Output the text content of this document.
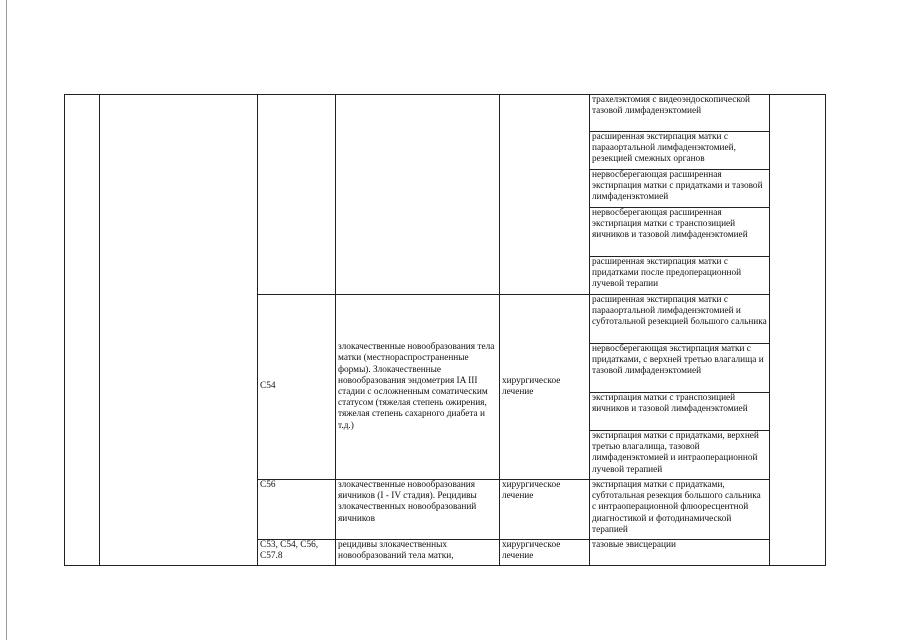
					трахелэктомия с видеоэндоскопической тазовой лимфаденэктомией	
					расширенная экстирпация матки с парааортальной лимфаденэктомией, резекцией смежных органов	
					нервосберегающая расширенная экстирпация матки с придатками и тазовой лимфаденэктомией	
					нервосберегающая расширенная экстирпация матки с транспозицией яичников и тазовой лимфаденэктомией	
					расширенная экстирпация матки с придатками после предоперационной лучевой терапии	
		C54	злокачественные новообразования тела матки (местнораспространенные формы). Злокачественные новообразования эндометрия IA III стадии с осложненным соматическим статусом (тяжелая степень ожирения, тяжелая степень сахарного диабета и т.д.)	хирургическое лечение	расширенная экстирпация матки с парааортальной лимфаденэктомией и субтотальной резекцией большого сальника	
					нервосберегающая экстирпация матки с придатками, с верхней третью влагалища и тазовой лимфаденэктомией	
					экстирпация матки с транспозицией яичников и тазовой лимфаденэктомией	
					экстирпация матки с придатками, верхней третью влагалища, тазовой лимфаденэктомией и интраоперационной лучевой терапией	
		C56	злокачественные новообразования яичников (I - IV стадия). Рецидивы злокачественных новообразований яичников	хирургическое лечение	экстирпация матки с придатками, субтотальная резекция большого сальника с интраоперационной флюоресцентной диагностикой и фотодинамической терапией	
		C53, C54, C56, C57.8	рецидивы злокачественных новообразований тела матки,	хирургическое лечение	тазовые эвисцерации	
